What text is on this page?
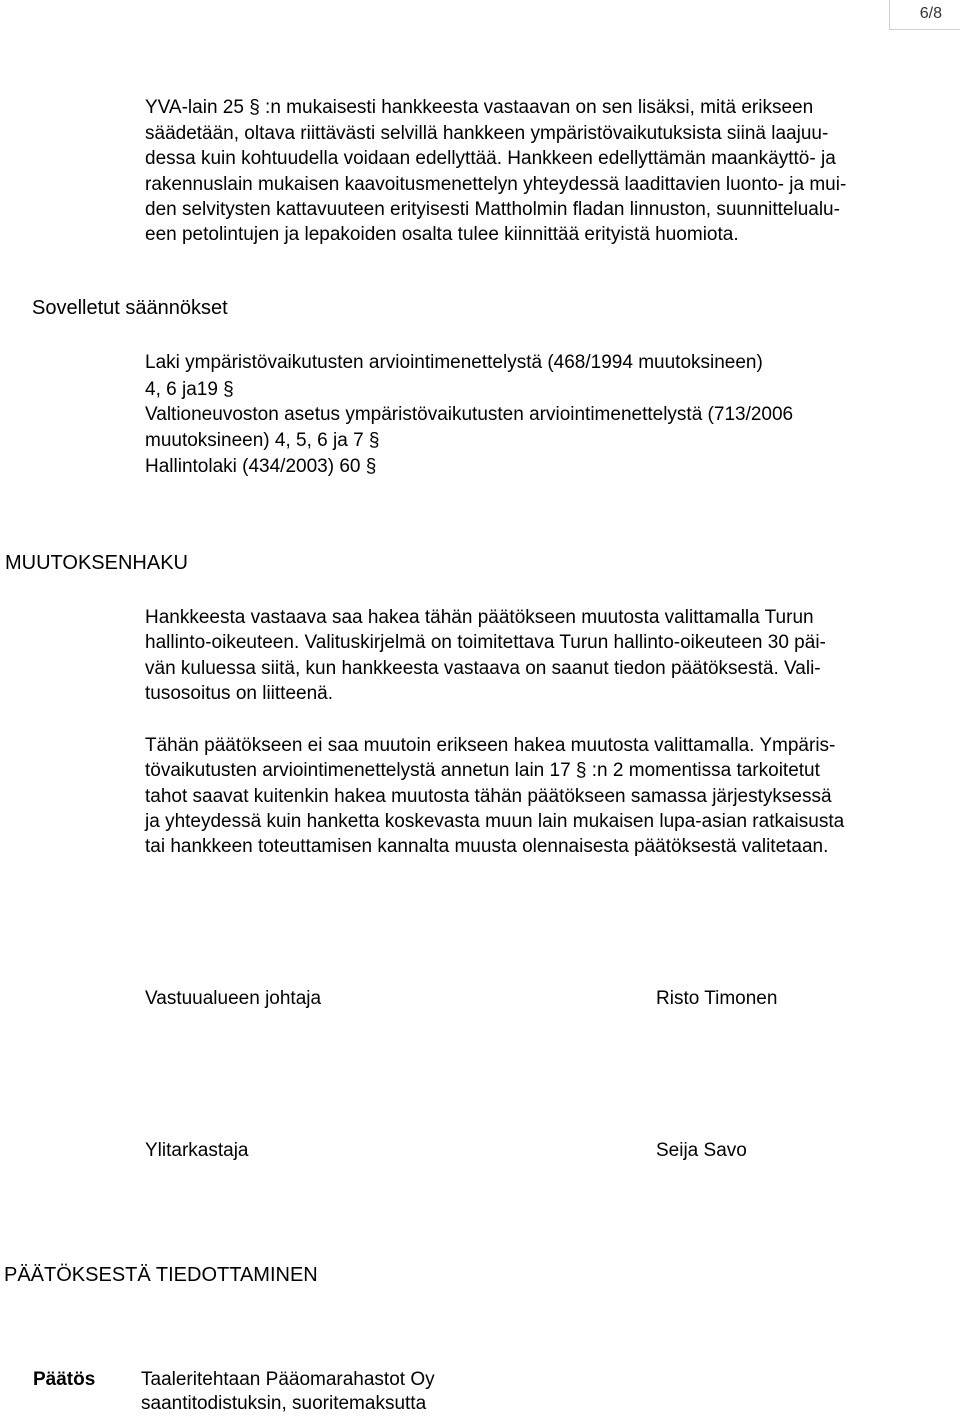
6/8

YVA-lain 25 § :n mukaisesti hankkeesta vastaavan on sen lisäksi, mitä erikseen

säädetään, oltava riittävästi selvillä hankkeen ympäristövaikutuksista siinä laajuu-

dessa kuin kohtuudella voidaan edellyttää. Hankkeen edellyttämän maankäyttö- ja

rakennuslain mukaisen kaavoitusmenettelyn yhteydessä laadittavien luonto- ja mui-

den selvitysten kattavuuteen erityisesti Mattholmin fladan linnuston, suunnittelualu-

een petolintujen ja lepakoiden osalta tulee kiinnittää erityistä huomiota.

Sovelletut säännökset

Laki ympäristövaikutusten arviointimenettelystä (468/1994 muutoksineen)

4, 6 ja19 §

Valtioneuvoston asetus ympäristövaikutusten arviointimenettelystä (713/2006

muutoksineen) 4, 5, 6 ja 7 §

Hallintolaki (434/2003) 60 §

MUUTOKSENHAKU

Hankkeesta vastaava saa hakea tähän päätökseen muutosta valittamalla Turun

hallinto-oikeuteen. Valituskirjelmä on toimitettava Turun hallinto-oikeuteen 30 päi-

vän kuluessa siitä, kun hankkeesta vastaava on saanut tiedon päätöksestä. Vali-

tusosoitus on liitteenä.

Tähän päätökseen ei saa muutoin erikseen hakea muutosta valittamalla. Ympäris-

tövaikutusten arviointimenettelystä annetun lain 17 § :n 2 momentissa tarkoitetut

tahot saavat kuitenkin hakea muutosta tähän päätökseen samassa järjestyksessä

ja yhteydessä kuin hanketta koskevasta muun lain mukaisen lupa-asian ratkaisusta

tai hankkeen toteuttamisen kannalta muusta olennaisesta päätöksestä valitetaan.

Vastuualueen johtaja	Risto Timonen

Ylitarkastaja	Seija Savo

PÄÄTÖKSESTÄ TIEDOTTAMINEN

Päätös Taaleritehtaan Pääomarahastot Oy

saantitodistuksin, suoritemaksutta
